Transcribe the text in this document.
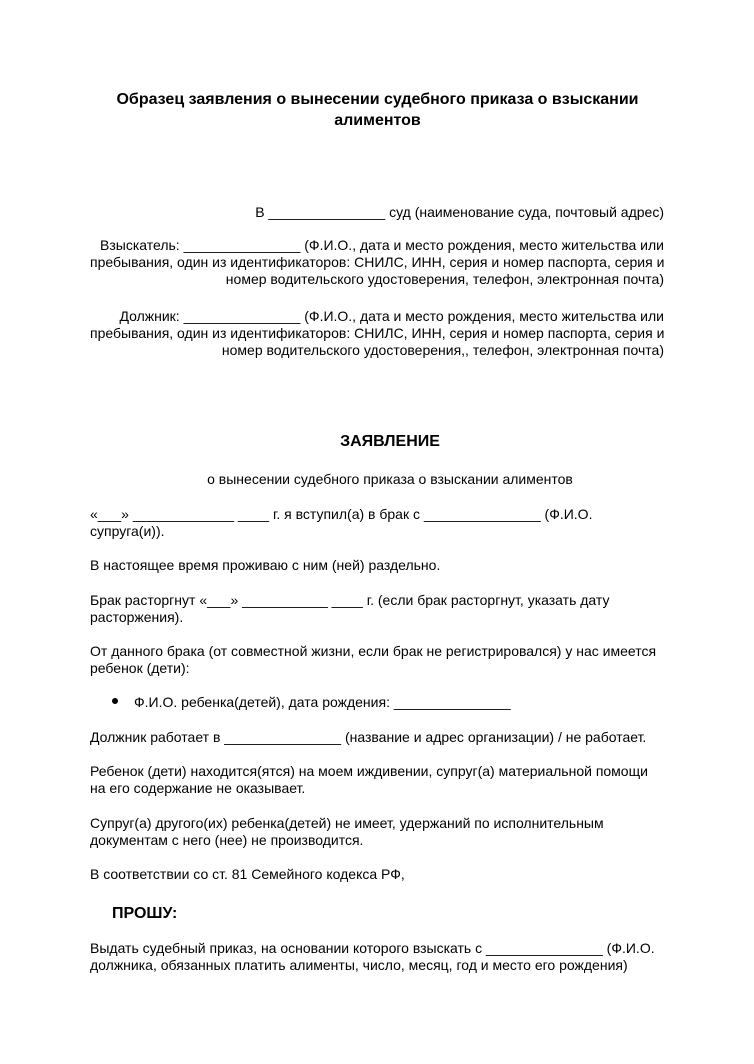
Образец заявления о вынесении судебного приказа о взыскании
алиментов

В _______________ суд (наименование суда, почтовый адрес)

Взыскатель: _______________ (Ф.И.О., дата и место рождения, место жительства или
пребывания, один из идентификаторов: СНИЛС, ИНН, серия и номер паспорта, серия и
номер водительского удостоверения, телефон, электронная почта)

Должник: _______________ (Ф.И.О., дата и место рождения, место жительства или
пребывания, один из идентификаторов: СНИЛС, ИНН, серия и номер паспорта, серия и
номер водительского удостоверения,, телефон, электронная почта)

ЗАЯВЛЕНИЕ

о вынесении судебного приказа о взыскании алиментов

«___» _____________ ____ г. я вступил(а) в брак с _______________ (Ф.И.О.
супруга(и)).

В настоящее время проживаю с ним (ней) раздельно.

Брак расторгнут «___» ___________ ____ г. (если брак расторгнут, указать дату
расторжения).

От данного брака (от совместной жизни, если брак не регистрировался) у нас имеется
ребенок (дети):

Ф.И.О. ребенка(детей), дата рождения: _______________

Должник работает в _______________ (название и адрес организации) / не работает.

Ребенок (дети) находится(ятся) на моем иждивении, супруг(а) материальной помощи
на его содержание не оказывает.

Супруг(а) другого(их) ребенка(детей) не имеет, удержаний по исполнительным
документам с него (нее) не производится.

В соответствии со ст. 81 Семейного кодекса РФ,

ПРОШУ:

Выдать судебный приказ, на основании которого взыскать с _______________ (Ф.И.О.
должника, обязанных платить алименты, число, месяц, год и место его рождения)
